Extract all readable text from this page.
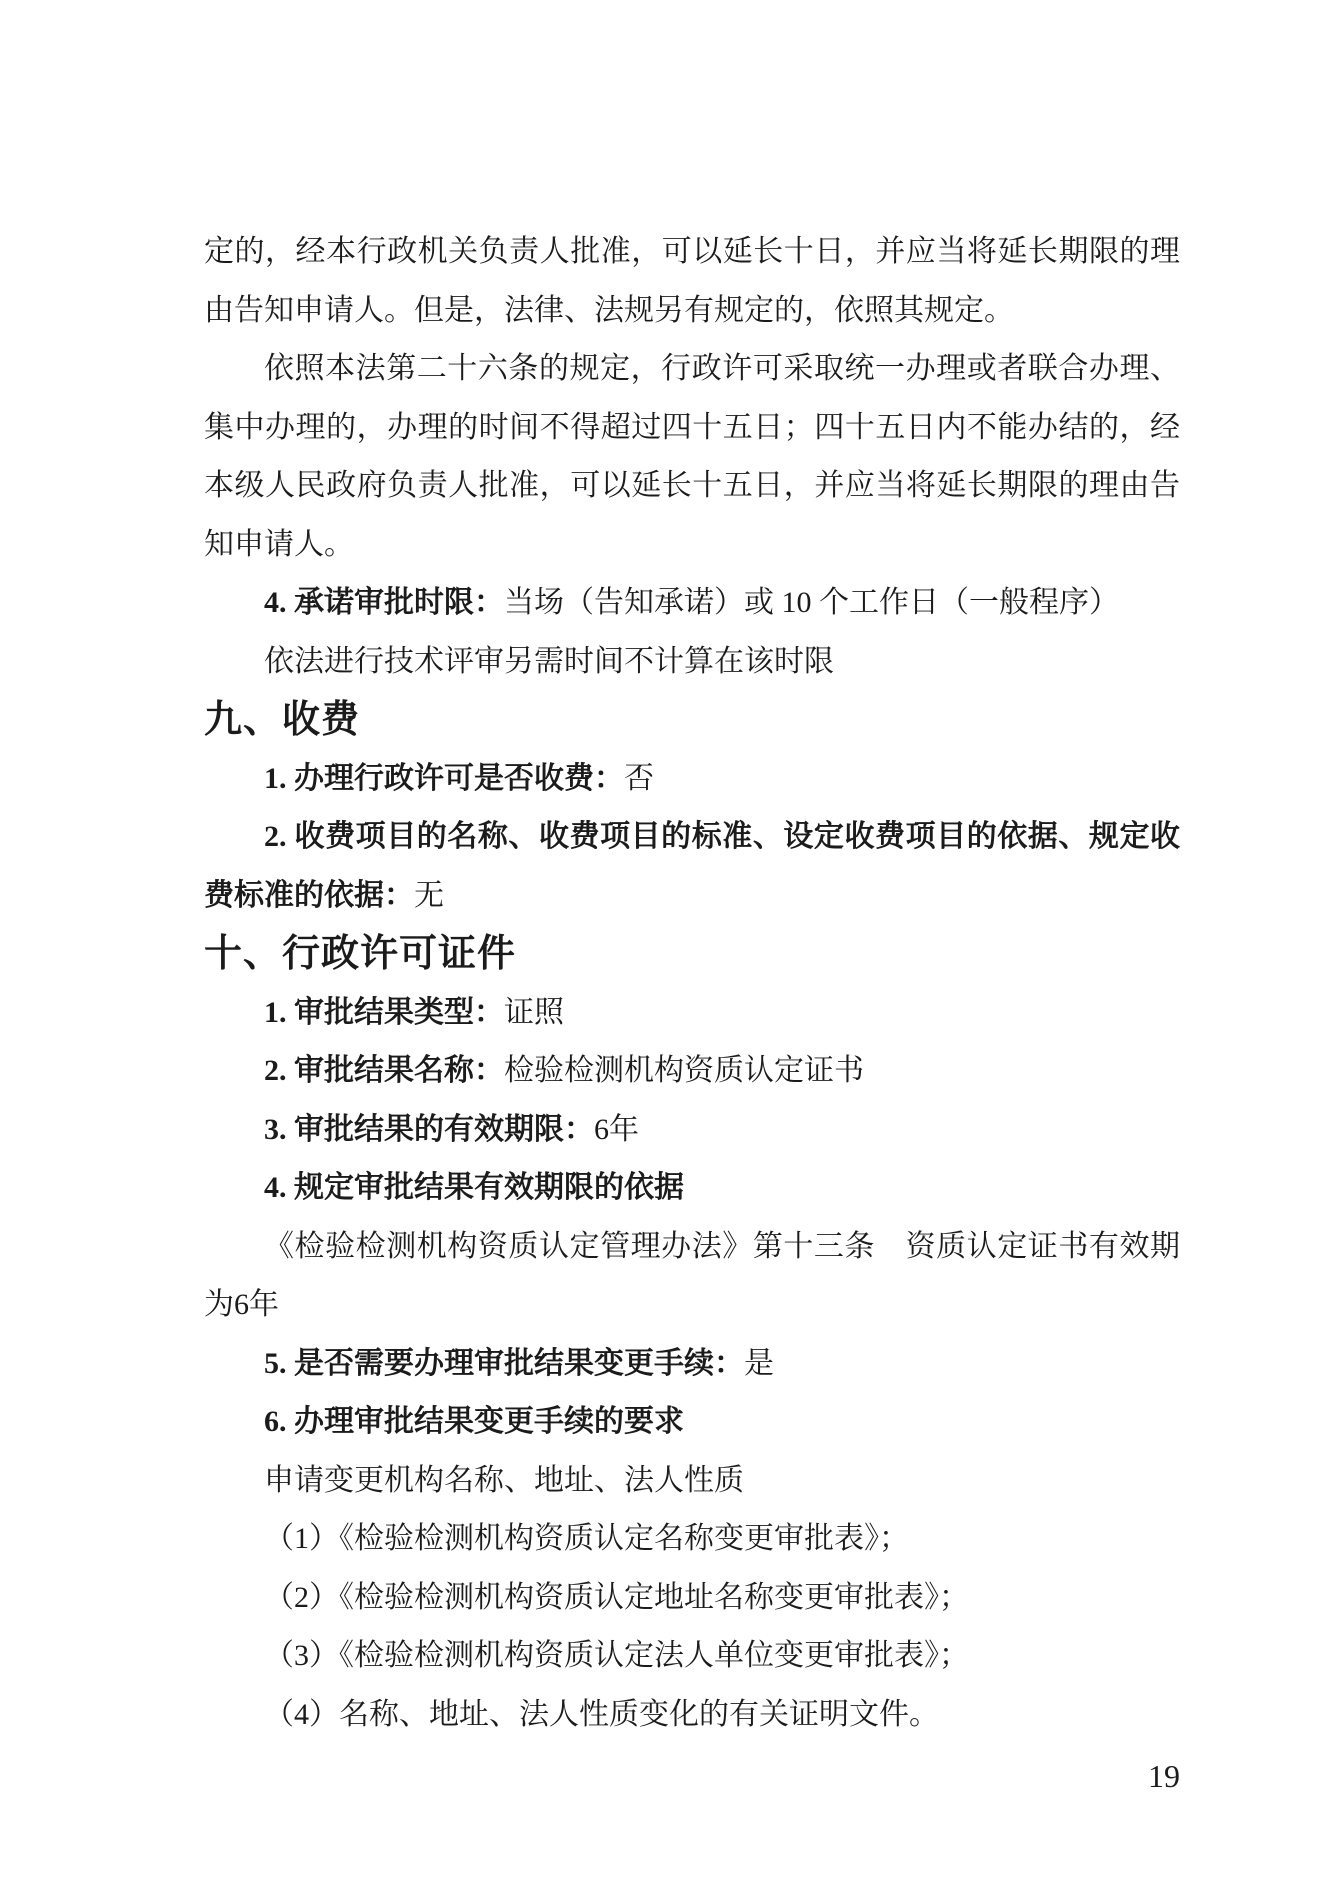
定的，经本行政机关负责人批准，可以延长十日，并应当将延长期限的理
由告知申请人。但是，法律、法规另有规定的，依照其规定。
依照本法第二十六条的规定，行政许可采取统一办理或者联合办理、
集中办理的，办理的时间不得超过四十五日；四十五日内不能办结的，经
本级人民政府负责人批准，可以延长十五日，并应当将延长期限的理由告
知申请人。
4. 承诺审批时限：当场（告知承诺）或 10 个工作日（一般程序）
依法进行技术评审另需时间不计算在该时限
九、收费
1. 办理行政许可是否收费：否
2. 收费项目的名称、收费项目的标准、设定收费项目的依据、规定收
费标准的依据：无
十、行政许可证件
1. 审批结果类型：证照
2. 审批结果名称：检验检测机构资质认定证书
3. 审批结果的有效期限：6年
4. 规定审批结果有效期限的依据
《检验检测机构资质认定管理办法》第十三条　资质认定证书有效期
为6年
5. 是否需要办理审批结果变更手续：是
6. 办理审批结果变更手续的要求
申请变更机构名称、地址、法人性质
（1）《检验检测机构资质认定名称变更审批表》；
（2）《检验检测机构资质认定地址名称变更审批表》；
（3）《检验检测机构资质认定法人单位变更审批表》；
（4）名称、地址、法人性质变化的有关证明文件。
19
